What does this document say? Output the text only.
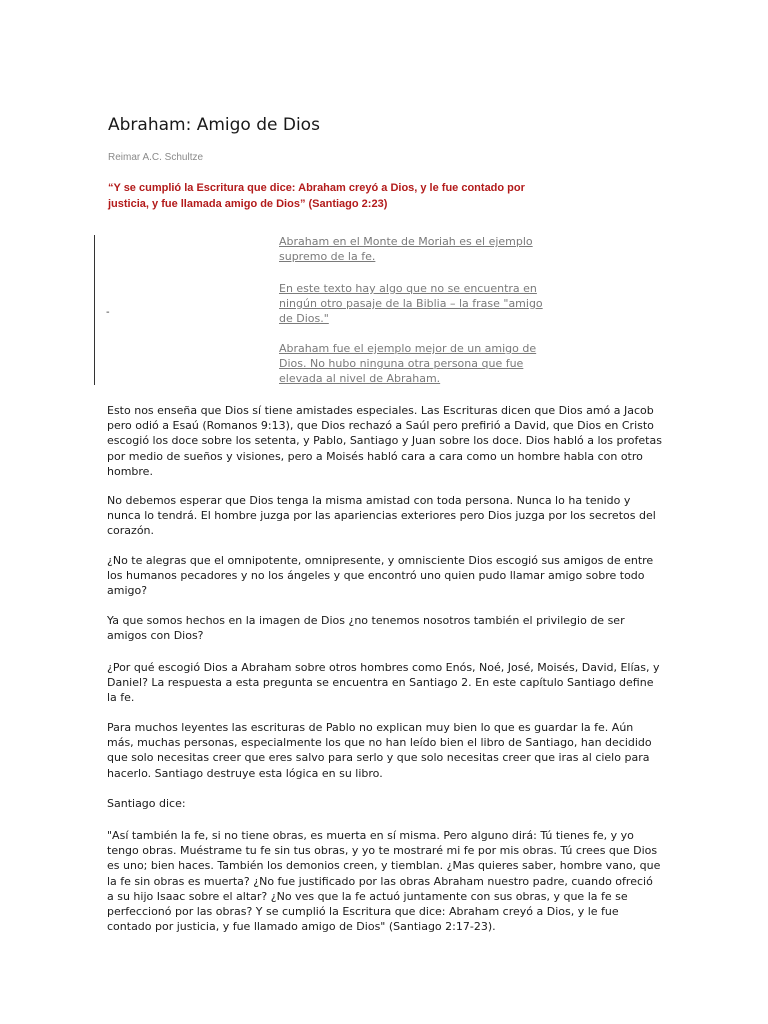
Abraham: Amigo de Dios
Reimar A.C. Schultze

“Y se cumplió la Escritura que dice: Abraham creyó a Dios, y le fue contado por justicia, y fue llamada amigo de Dios” (Santiago 2:23)

-

Abraham en el Monte de Moriah es el ejemplo supremo de la fe.

En este texto hay algo que no se encuentra en ningún otro pasaje de la Biblia – la frase "amigo de Dios."

Abraham fue el ejemplo mejor de un amigo de Dios. No hubo ninguna otra persona que fue elevada al nivel de Abraham.

Esto nos enseña que Dios sí tiene amistades especiales. Las Escrituras dicen que Dios amó a Jacob pero odió a Esaú (Romanos 9:13), que Dios rechazó a Saúl pero prefirió a David, que Dios en Cristo escogió los doce sobre los setenta, y Pablo, Santiago y Juan sobre los doce. Dios habló a los profetas por medio de sueños y visiones, pero a Moisés habló cara a cara como un hombre habla con otro hombre.

No debemos esperar que Dios tenga la misma amistad con toda persona. Nunca lo ha tenido y nunca lo tendrá. El hombre juzga por las apariencias exteriores pero Dios juzga por los secretos del corazón.

¿No te alegras que el omnipotente, omnipresente, y omnisciente Dios escogió sus amigos de entre los humanos pecadores y no los ángeles y que encontró uno quien pudo llamar amigo sobre todo amigo?

Ya que somos hechos en la imagen de Dios ¿no tenemos nosotros también el privilegio de ser amigos con Dios?

¿Por qué escogió Dios a Abraham sobre otros hombres como Enós, Noé, José, Moisés, David, Elías, y Daniel? La respuesta a esta pregunta se encuentra en Santiago 2. En este capítulo Santiago define la fe.

Para muchos leyentes las escrituras de Pablo no explican muy bien lo que es guardar la fe. Aún más, muchas personas, especialmente los que no han leído bien el libro de Santiago, han decidido que solo necesitas creer que eres salvo para serlo y que solo necesitas creer que iras al cielo para hacerlo. Santiago destruye esta lógica en su libro.

Santiago dice:

"Así también la fe, si no tiene obras, es muerta en sí misma. Pero alguno dirá: Tú tienes fe, y yo tengo obras. Muéstrame tu fe sin tus obras, y yo te mostraré mi fe por mis obras. Tú crees que Dios es uno; bien haces. También los demonios creen, y tiemblan. ¿Mas quieres saber, hombre vano, que la fe sin obras es muerta? ¿No fue justificado por las obras Abraham nuestro padre, cuando ofreció a su hijo Isaac sobre el altar? ¿No ves que la fe actuó juntamente con sus obras, y que la fe se perfeccionó por las obras? Y se cumplió la Escritura que dice: Abraham creyó a Dios, y le fue contado por justicia, y fue llamado amigo de Dios" (Santiago 2:17-23).
